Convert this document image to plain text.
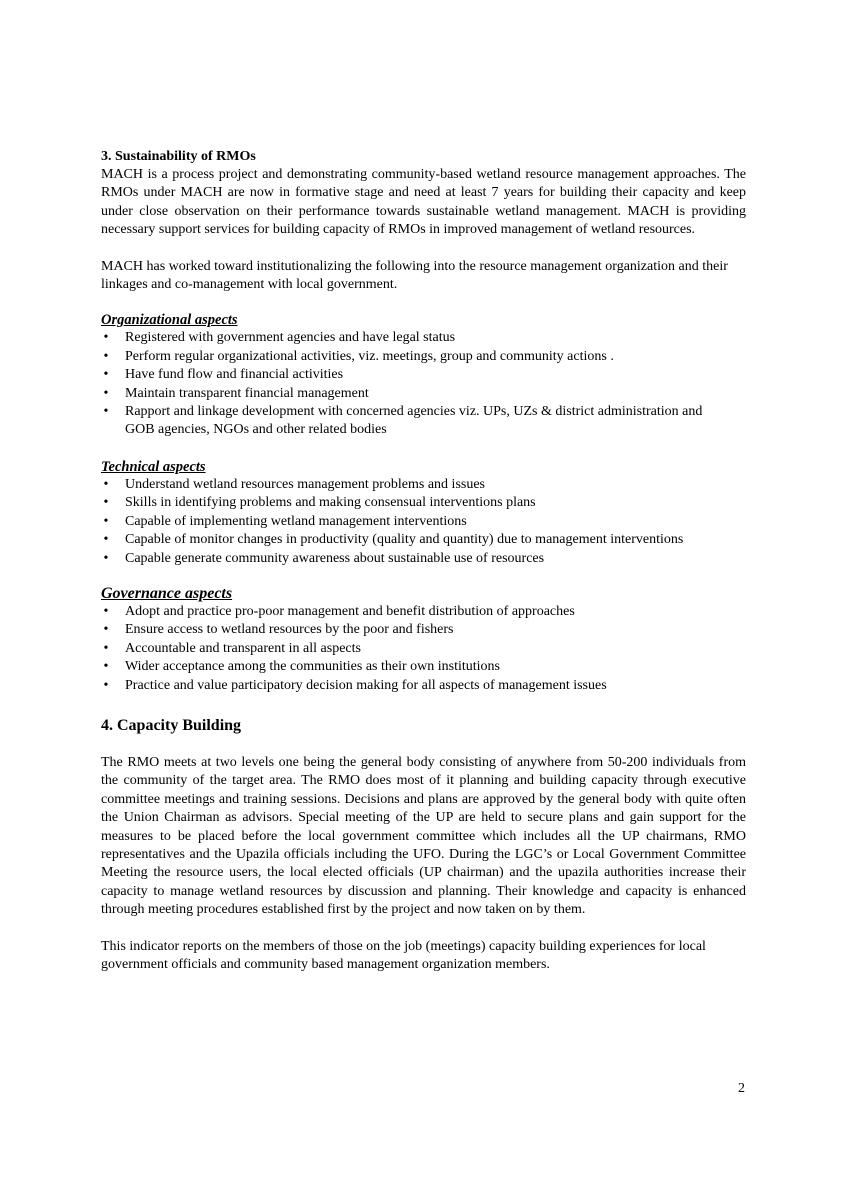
3. Sustainability of RMOs

MACH is a process project and demonstrating community-based wetland resource management approaches. The RMOs under MACH are now in formative stage and need at least 7 years for building their capacity and keep under close observation on their performance towards sustainable wetland management. MACH is providing necessary support services for building capacity of RMOs in improved management of wetland resources.

MACH has worked toward institutionalizing the following into the resource management organization and their linkages and co-management with local government.

Organizational aspects

• Registered with government agencies and have legal status
• Perform regular organizational activities, viz. meetings, group and community actions .
• Have fund flow and financial activities
• Maintain transparent financial management
• Rapport and linkage development with concerned agencies viz. UPs, UZs & district administration and GOB agencies, NGOs and other related bodies

Technical aspects

• Understand wetland resources management problems and issues
• Skills in identifying problems and making consensual interventions plans
• Capable of implementing wetland management interventions
• Capable of monitor changes in productivity (quality and quantity) due to management interventions
• Capable generate community awareness about sustainable use of resources

Governance aspects

• Adopt and practice pro-poor management and benefit distribution of approaches
• Ensure access to wetland resources by the poor and fishers
• Accountable and transparent in all aspects
• Wider acceptance among the communities as their own institutions
• Practice and value participatory decision making for all aspects of management issues

4. Capacity Building

The RMO meets at two levels one being the general body consisting of anywhere from 50-200 individuals from the community of the target area. The RMO does most of it planning and building capacity through executive committee meetings and training sessions. Decisions and plans are approved by the general body with quite often the Union Chairman as advisors. Special meeting of the UP are held to secure plans and gain support for the measures to be placed before the local government committee which includes all the UP chairmans, RMO representatives and the Upazila officials including the UFO. During the LGC’s or Local Government Committee Meeting the resource users, the local elected officials (UP chairman) and the upazila authorities increase their capacity to manage wetland resources by discussion and planning. Their knowledge and capacity is enhanced through meeting procedures established first by the project and now taken on by them.

This indicator reports on the members of those on the job (meetings) capacity building experiences for local government officials and community based management organization members.

2
